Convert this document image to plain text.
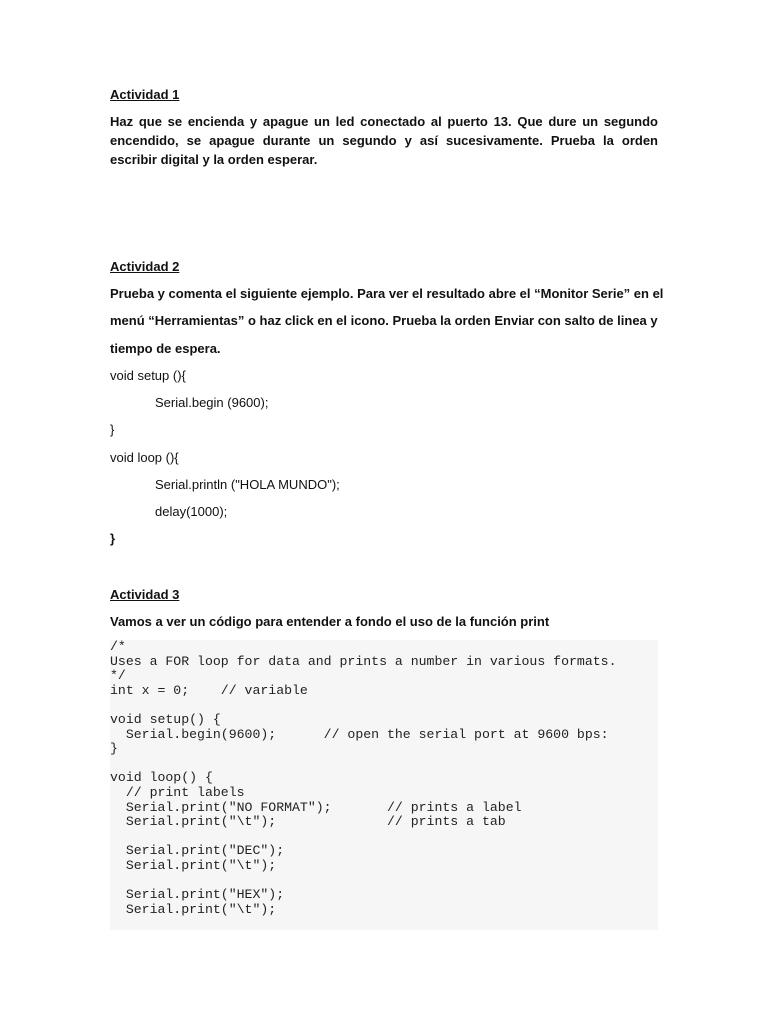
Actividad 1
Haz que se encienda y apague un led conectado al puerto 13. Que dure un segundo encendido, se apague durante un segundo y así sucesivamente. Prueba la orden escribir digital y la orden esperar.
Actividad 2
Prueba y comenta el siguiente ejemplo. Para ver el resultado abre el “Monitor Serie” en el
menú “Herramientas” o haz click en el icono. Prueba la orden Enviar con salto de linea y
tiempo de espera.
void setup (){
Serial.begin (9600);
}
void loop (){
Serial.println ("HOLA MUNDO");
delay(1000);
}
Actividad 3
Vamos a ver un código para entender a fondo el uso de la función print
/*
Uses a FOR loop for data and prints a number in various formats.
*/
int x = 0;    // variable

void setup() {
Serial.begin(9600);      // open the serial port at 9600 bps:
}

void loop() {
// print labels
Serial.print("NO FORMAT");       // prints a label
Serial.print("\t");              // prints a tab

Serial.print("DEC");
Serial.print("\t");

Serial.print("HEX");
Serial.print("\t");
